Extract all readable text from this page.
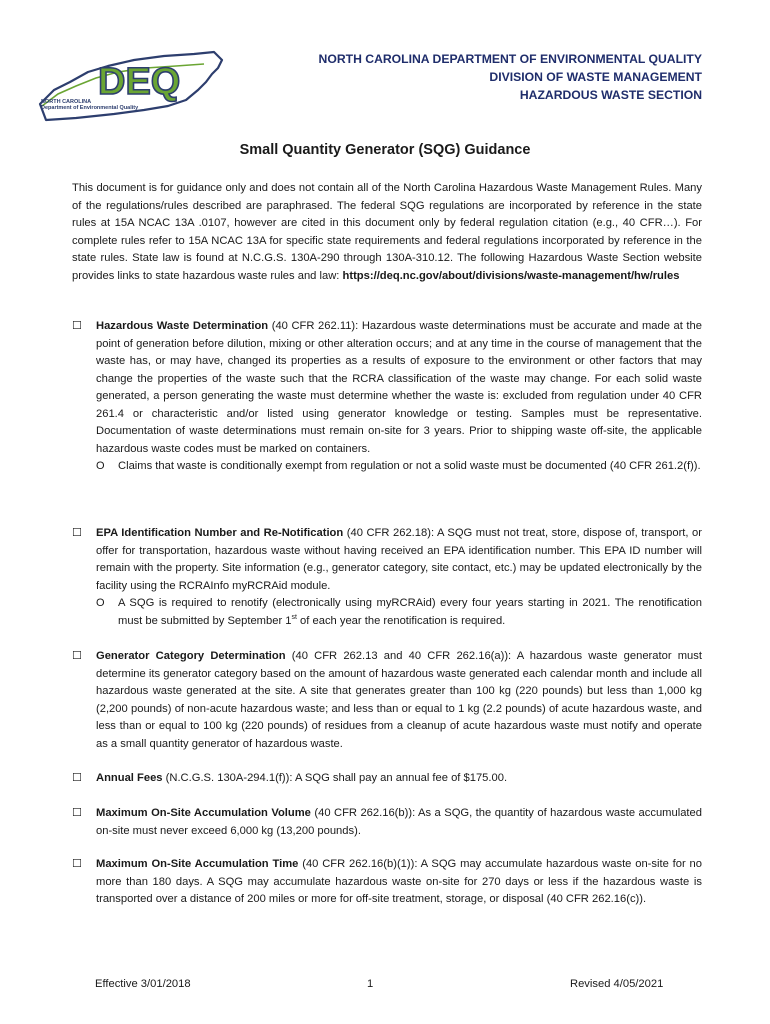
DEQ
NORTH CAROLINA
Department of Environmental Quality
NORTH CAROLINA DEPARTMENT OF ENVIRONMENTAL QUALITY
DIVISION OF WASTE MANAGEMENT
HAZARDOUS WASTE SECTION
Small Quantity Generator (SQG) Guidance
This document is for guidance only and does not contain all of the North Carolina Hazardous Waste Management Rules. Many of the regulations/rules described are paraphrased. The federal SQG regulations are incorporated by reference in the state rules at 15A NCAC 13A .0107, however are cited in this document only by federal regulation citation (e.g., 40 CFR…). For complete rules refer to 15A NCAC 13A for specific state requirements and federal regulations incorporated by reference in the state rules. State law is found at N.C.G.S. 130A-290 through 130A-310.12. The following Hazardous Waste Section website provides links to state hazardous waste rules and law: https://deq.nc.gov/about/divisions/waste-management/hw/rules
☐ Hazardous Waste Determination (40 CFR 262.11): Hazardous waste determinations must be accurate and made at the point of generation before dilution, mixing or other alteration occurs; and at any time in the course of management that the waste has, or may have, changed its properties as a results of exposure to the environment or other factors that may change the properties of the waste such that the RCRA classification of the waste may change. For each solid waste generated, a person generating the waste must determine whether the waste is: excluded from regulation under 40 CFR 261.4 or characteristic and/or listed using generator knowledge or testing. Samples must be representative. Documentation of waste determinations must remain on-site for 3 years. Prior to shipping waste off-site, the applicable hazardous waste codes must be marked on containers.
O Claims that waste is conditionally exempt from regulation or not a solid waste must be documented (40 CFR 261.2(f)).
☐ EPA Identification Number and Re-Notification (40 CFR 262.18): A SQG must not treat, store, dispose of, transport, or offer for transportation, hazardous waste without having received an EPA identification number. This EPA ID number will remain with the property. Site information (e.g., generator category, site contact, etc.) may be updated electronically by the facility using the RCRAInfo myRCRAid module.
O A SQG is required to renotify (electronically using myRCRAid) every four years starting in 2021. The renotification must be submitted by September 1st of each year the renotification is required.
☐ Generator Category Determination (40 CFR 262.13 and 40 CFR 262.16(a)): A hazardous waste generator must determine its generator category based on the amount of hazardous waste generated each calendar month and include all hazardous waste generated at the site. A site that generates greater than 100 kg (220 pounds) but less than 1,000 kg (2,200 pounds) of non-acute hazardous waste; and less than or equal to 1 kg (2.2 pounds) of acute hazardous waste, and less than or equal to 100 kg (220 pounds) of residues from a cleanup of acute hazardous waste must notify and operate as a small quantity generator of hazardous waste.
☐ Annual Fees (N.C.G.S. 130A-294.1(f)): A SQG shall pay an annual fee of $175.00.
☐ Maximum On-Site Accumulation Volume (40 CFR 262.16(b)): As a SQG, the quantity of hazardous waste accumulated on-site must never exceed 6,000 kg (13,200 pounds).
☐ Maximum On-Site Accumulation Time (40 CFR 262.16(b)(1)): A SQG may accumulate hazardous waste on-site for no more than 180 days. A SQG may accumulate hazardous waste on-site for 270 days or less if the hazardous waste is transported over a distance of 200 miles or more for off-site treatment, storage, or disposal (40 CFR 262.16(c)).
Effective 3/01/2018	1	Revised 4/05/2021
